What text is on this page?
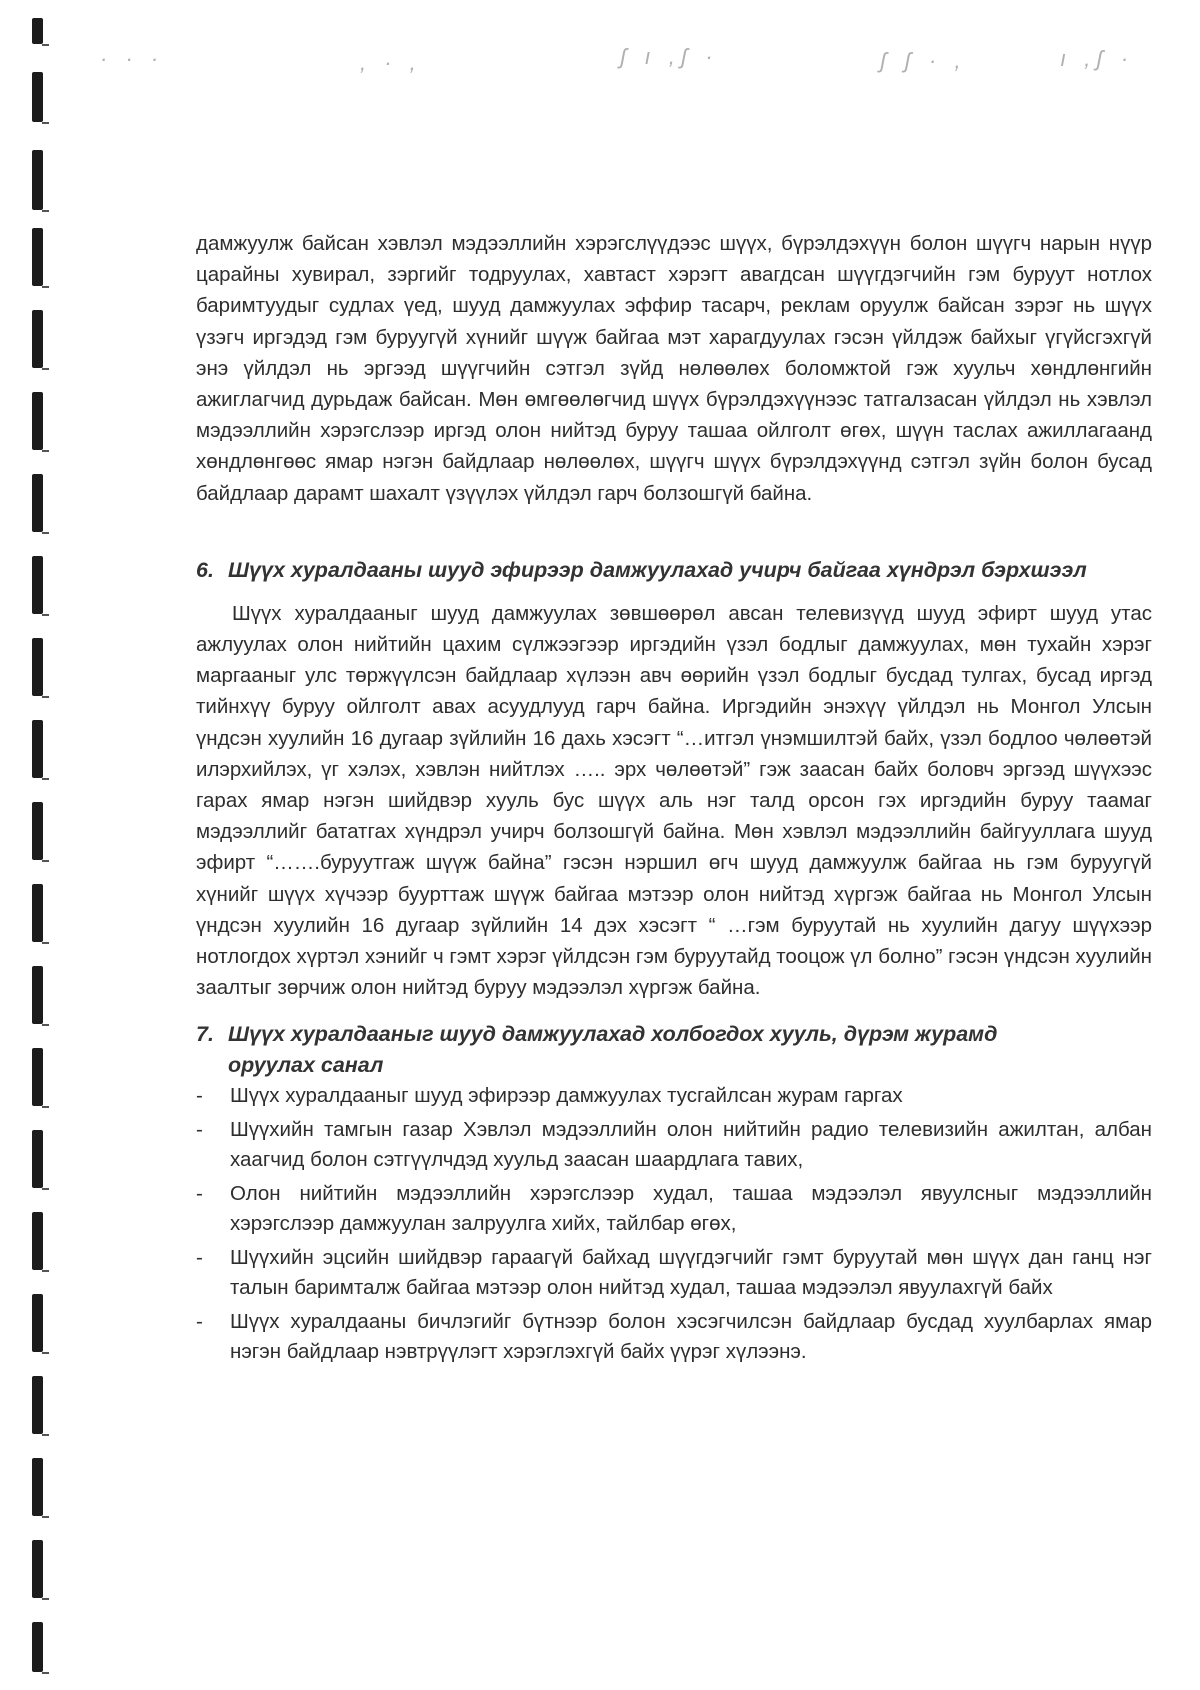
· · ·	, · ,	ʃ ı ,ʃ ·	ʃ ʃ · ,	ı ,ʃ ·

дамжуулж байсан хэвлэл мэдээллийн хэрэгслүүдээс шүүх, бүрэлдэхүүн болон шүүгч нарын нүүр царайны хувирал, зэргийг тодруулах, хавтаст хэрэгт авагдсан шүүгдэгчийн гэм буруут нотлох баримтуудыг судлах үед, шууд дамжуулах эффир тасарч, реклам оруулж байсан зэрэг нь шүүх үзэгч иргэдэд гэм буруугүй хүнийг шүүж байгаа мэт харагдуулах гэсэн үйлдэж байхыг үгүйсгэхгүй энэ үйлдэл нь эргээд шүүгчийн сэтгэл зүйд нөлөөлөх боломжтой гэж хуульч хөндлөнгийн ажиглагчид дурьдаж байсан. Мөн өмгөөлөгчид шүүх бүрэлдэхүүнээс татгалзасан үйлдэл нь хэвлэл мэдээллийн хэрэгслээр иргэд олон нийтэд буруу ташаа ойлголт өгөх, шүүн таслах ажиллагаанд хөндлөнгөөс ямар нэгэн байдлаар нөлөөлөх, шүүгч шүүх бүрэлдэхүүнд сэтгэл зүйн болон бусад байдлаар дарамт шахалт үзүүлэх үйлдэл гарч болзошгүй байна.

6. Шүүх хуралдааны шууд эфирээр дамжуулахад учирч байгаа хүндрэл бэрхшээл

Шүүх хуралдааныг шууд дамжуулах зөвшөөрөл авсан телевизүүд шууд эфирт шууд утас ажлуулах олон нийтийн цахим сүлжээгээр иргэдийн үзэл бодлыг дамжуулах, мөн тухайн хэрэг маргааныг улс төржүүлсэн байдлаар хүлээн авч өөрийн үзэл бодлыг бусдад тулгах, бусад иргэд тийнхүү буруу ойлголт авах асуудлууд гарч байна. Иргэдийн энэхүү үйлдэл нь Монгол Улсын үндсэн хуулийн 16 дугаар зүйлийн 16 дахь хэсэгт “…итгэл үнэмшилтэй байх, үзэл бодлоо чөлөөтэй илэрхийлэх, үг хэлэх, хэвлэн нийтлэх ….. эрх чөлөөтэй” гэж заасан байх боловч эргээд шүүхээс гарах ямар нэгэн шийдвэр хууль бус шүүх аль нэг талд орсон гэх иргэдийн буруу таамаг мэдээллийг бататгах хүндрэл учирч болзошгүй байна. Мөн хэвлэл мэдээллийн байгууллага шууд эфирт “…….буруутгаж шүүж байна” гэсэн нэршил өгч шууд дамжуулж байгаа нь гэм буруугүй хүнийг шүүх хүчээр буурттаж шүүж байгаа мэтээр олон нийтэд хүргэж байгаа нь Монгол Улсын үндсэн хуулийн 16 дугаар зүйлийн 14 дэх хэсэгт “ …гэм буруутай нь хуулийн дагуу шүүхээр нотлогдох хүртэл хэнийг ч гэмт хэрэг үйлдсэн гэм буруутайд тооцож үл болно” гэсэн үндсэн хуулийн заалтыг зөрчиж олон нийтэд буруу мэдээлэл хүргэж байна.

7. Шүүх хуралдааныг шууд дамжуулахад холбогдох хууль, дүрэм журамд оруулах санал
- Шүүх хуралдааныг шууд эфирээр дамжуулах тусгайлсан журам гаргах
- Шүүхийн тамгын газар Хэвлэл мэдээллийн олон нийтийн радио телевизийн ажилтан, албан хаагчид болон сэтгүүлчдэд хуульд заасан шаардлага тавих,
- Олон нийтийн мэдээллийн хэрэгслээр худал, ташаа мэдээлэл явуулсныг мэдээллийн хэрэгслээр дамжуулан залруулга хийх, тайлбар өгөх,
- Шүүхийн эцсийн шийдвэр гараагүй байхад шүүгдэгчийг гэмт буруутай мөн шүүх дан ганц нэг талын баримталж байгаа мэтээр олон нийтэд худал, ташаа мэдээлэл явуулахгүй байх
- Шүүх хуралдааны бичлэгийг бүтнээр болон хэсэгчилсэн байдлаар бусдад хуулбарлах ямар нэгэн байдлаар нэвтрүүлэгт хэрэглэхгүй байх үүрэг хүлээнэ.
